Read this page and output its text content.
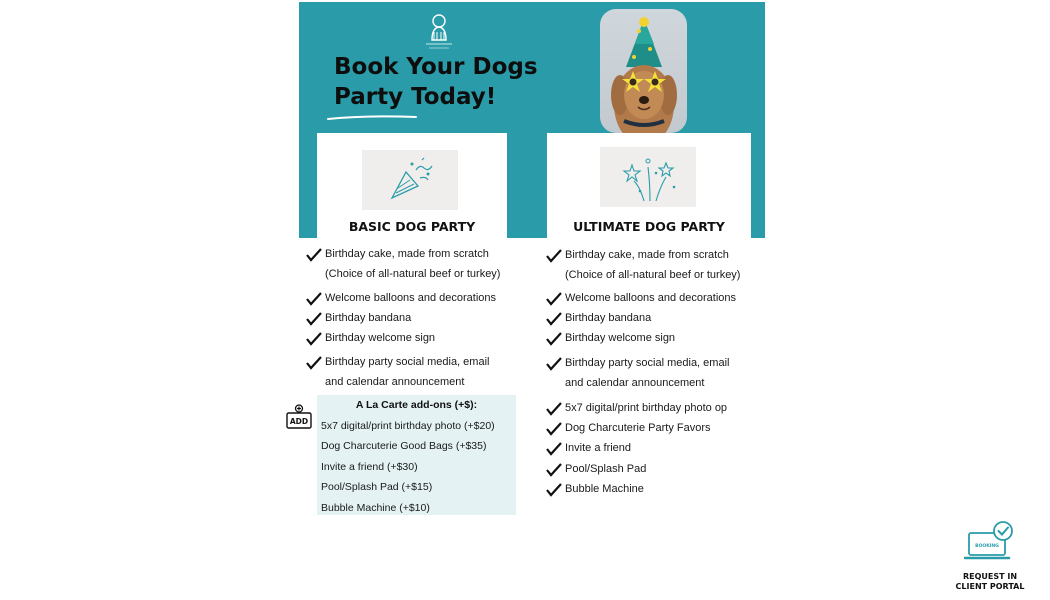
Book Your Dogs
Party Today!
BASIC DOG PARTY	ULTIMATE DOG PARTY
Birthday cake, made from scratch
(Choice of all-natural beef or turkey)
Welcome balloons and decorations
Birthday bandana
Birthday welcome sign
Birthday party social media, email
and calendar announcement
Birthday cake, made from scratch
(Choice of all-natural beef or turkey)
Welcome balloons and decorations
Birthday bandana
Birthday welcome sign
Birthday party social media, email
and calendar announcement
5x7 digital/print birthday photo op
Dog Charcuterie Party Favors
Invite a friend
Pool/Splash Pad
Bubble Machine
ADD
A La Carte add-ons (+$):
5x7 digital/print birthday photo (+$20)
Dog Charcuterie Good Bags (+$35)
Invite a friend (+$30)
Pool/Splash Pad (+$15)
Bubble Machine (+$10)
BOOKING
REQUEST IN
CLIENT PORTAL
